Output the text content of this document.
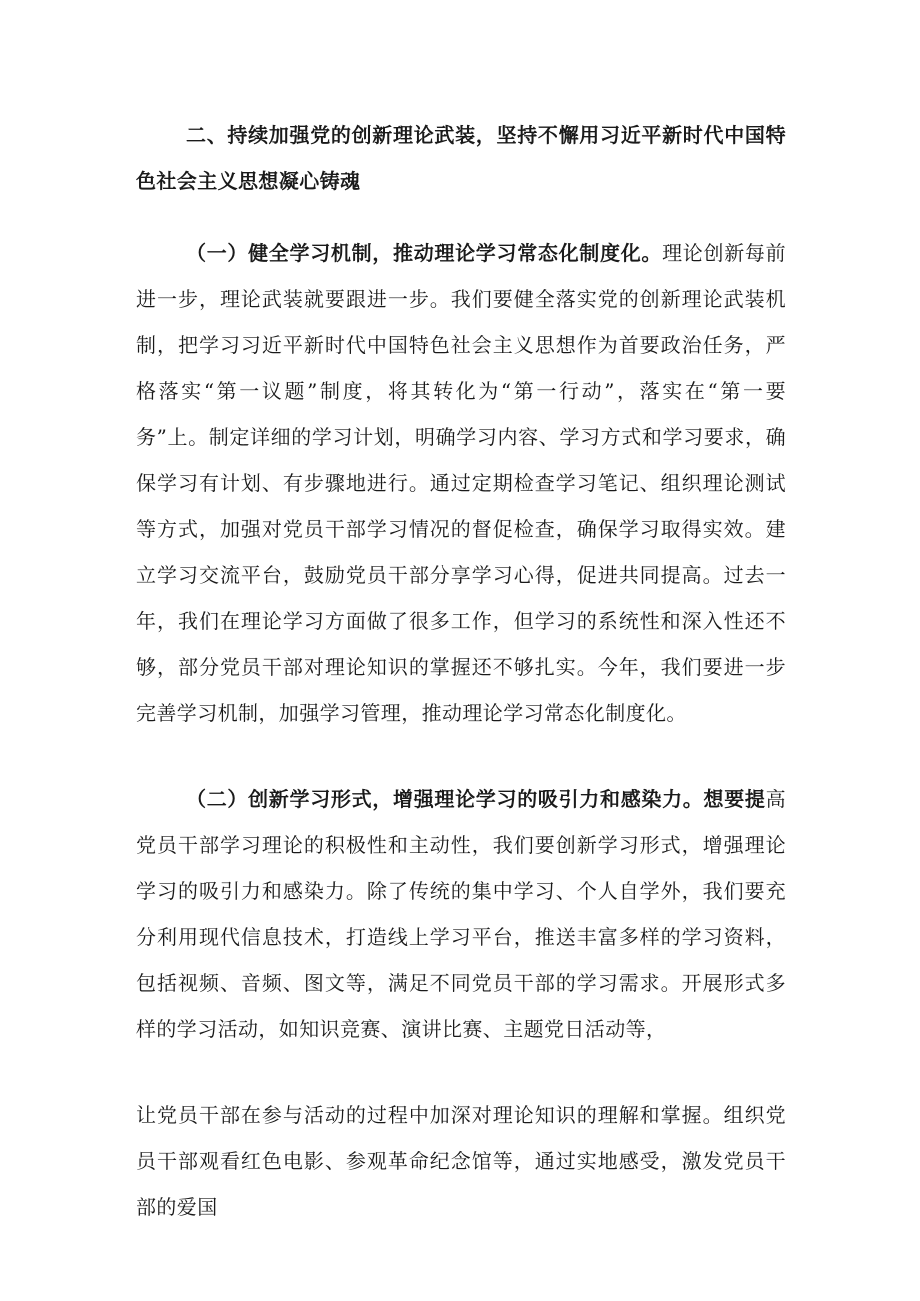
二、持续加强党的创新理论武装，坚持不懈用习近平新时代中国特色社会主义思想凝心铸魂

（一）健全学习机制，推动理论学习常态化制度化。理论创新每前进一步，理论武装就要跟进一步。我们要健全落实党的创新理论武装机制，把学习习近平新时代中国特色社会主义思想作为首要政治任务，严格落实“第一议题”制度，将其转化为“第一行动”，落实在“第一要务”上。制定详细的学习计划，明确学习内容、学习方式和学习要求，确保学习有计划、有步骤地进行。通过定期检查学习笔记、组织理论测试等方式，加强对党员干部学习情况的督促检查，确保学习取得实效。建立学习交流平台，鼓励党员干部分享学习心得，促进共同提高。过去一年，我们在理论学习方面做了很多工作，但学习的系统性和深入性还不够，部分党员干部对理论知识的掌握还不够扎实。今年，我们要进一步完善学习机制，加强学习管理，推动理论学习常态化制度化。

（二）创新学习形式，增强理论学习的吸引力和感染力。想要提高党员干部学习理论的积极性和主动性，我们要创新学习形式，增强理论学习的吸引力和感染力。除了传统的集中学习、个人自学外，我们要充分利用现代信息技术，打造线上学习平台，推送丰富多样的学习资料，包括视频、音频、图文等，满足不同党员干部的学习需求。开展形式多样的学习活动，如知识竞赛、演讲比赛、主题党日活动等，

让党员干部在参与活动的过程中加深对理论知识的理解和掌握。组织党员干部观看红色电影、参观革命纪念馆等，通过实地感受，激发党员干部的爱国
